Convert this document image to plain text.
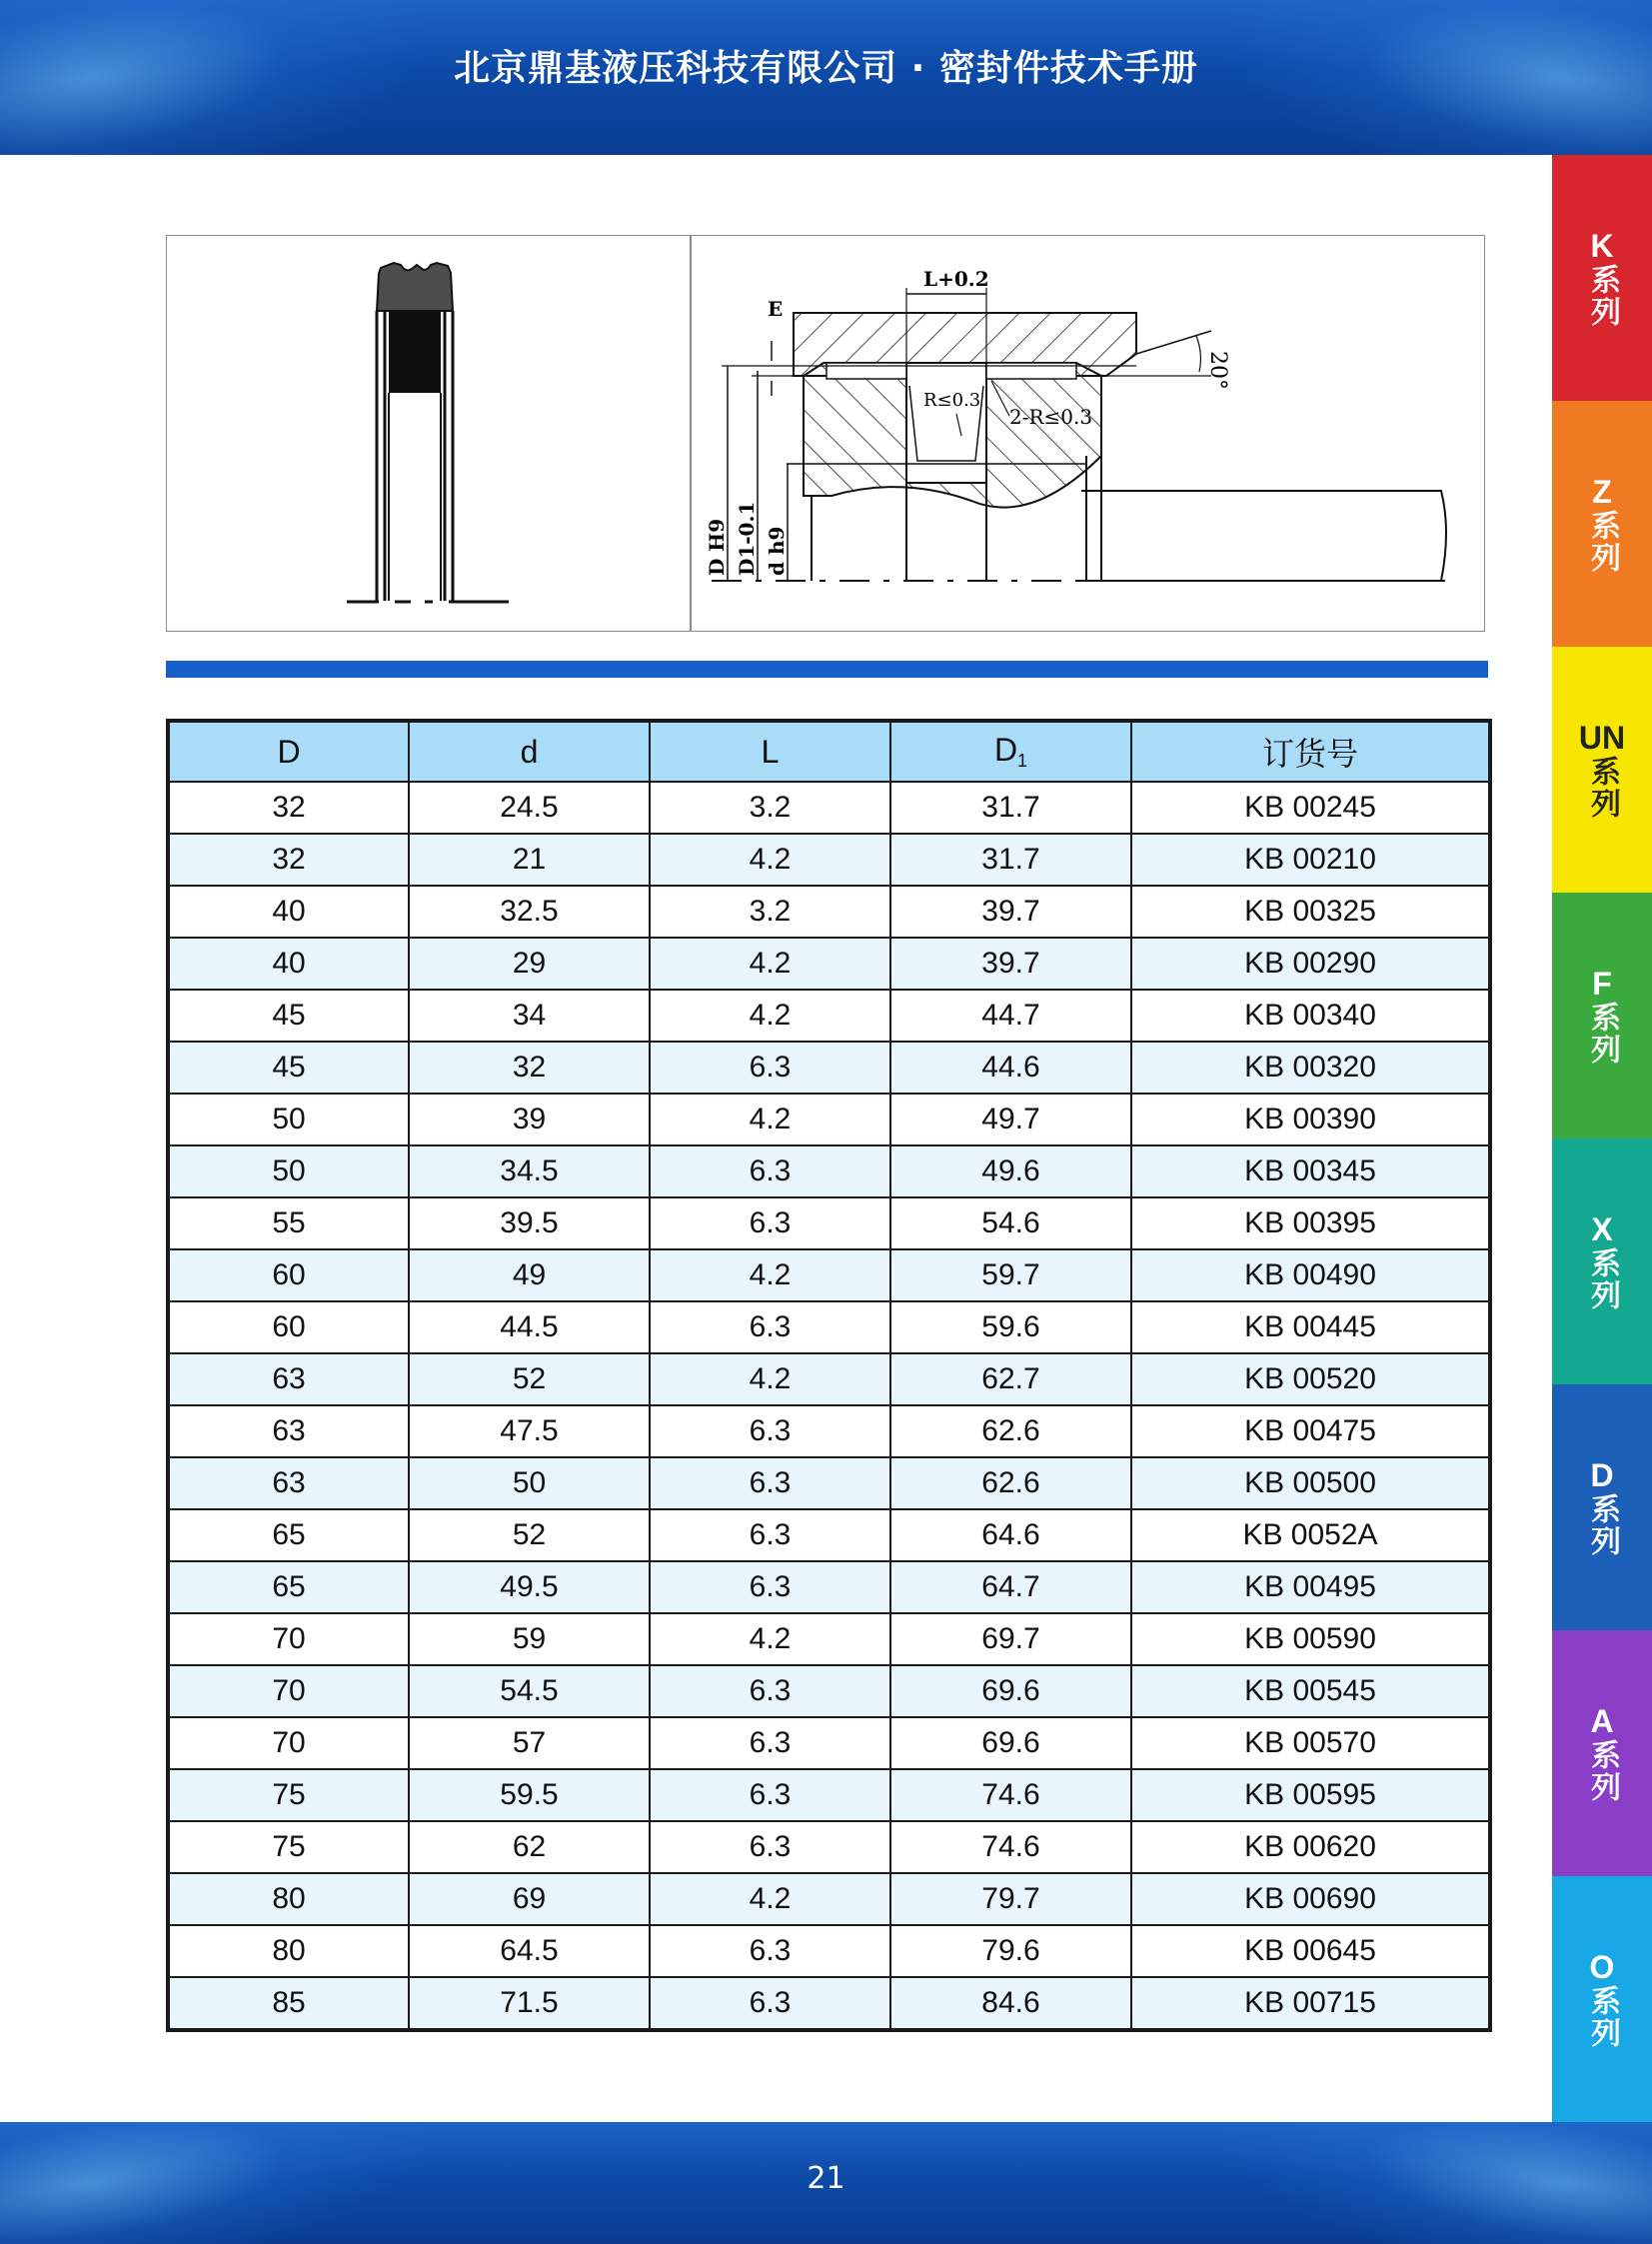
北京鼎基液压科技有限公司 · 密封件技术手册
K
系列
Z
系列
UN
系列
F
系列
X
系列
D
系列
A
系列
O
系列
L+0.2
E
20°
R≤0.3
2-R≤0.3
D H9 D1-0.1 d h9
D	d	L	$D_1$	订货号
32	24.5	3.2	31.7	KB 00245
32	21	4.2	31.7	KB 00210
40	32.5	3.2	39.7	KB 00325
40	29	4.2	39.7	KB 00290
45	34	4.2	44.7	KB 00340
45	32	6.3	44.6	KB 00320
50	39	4.2	49.7	KB 00390
50	34.5	6.3	49.6	KB 00345
55	39.5	6.3	54.6	KB 00395
60	49	4.2	59.7	KB 00490
60	44.5	6.3	59.6	KB 00445
63	52	4.2	62.7	KB 00520
63	47.5	6.3	62.6	KB 00475
63	50	6.3	62.6	KB 00500
65	52	6.3	64.6	KB 0052A
65	49.5	6.3	64.7	KB 00495
70	59	4.2	69.7	KB 00590
70	54.5	6.3	69.6	KB 00545
70	57	6.3	69.6	KB 00570
75	59.5	6.3	74.6	KB 00595
75	62	6.3	74.6	KB 00620
80	69	4.2	79.7	KB 00690
80	64.5	6.3	79.6	KB 00645
85	71.5	6.3	84.6	KB 00715
21
